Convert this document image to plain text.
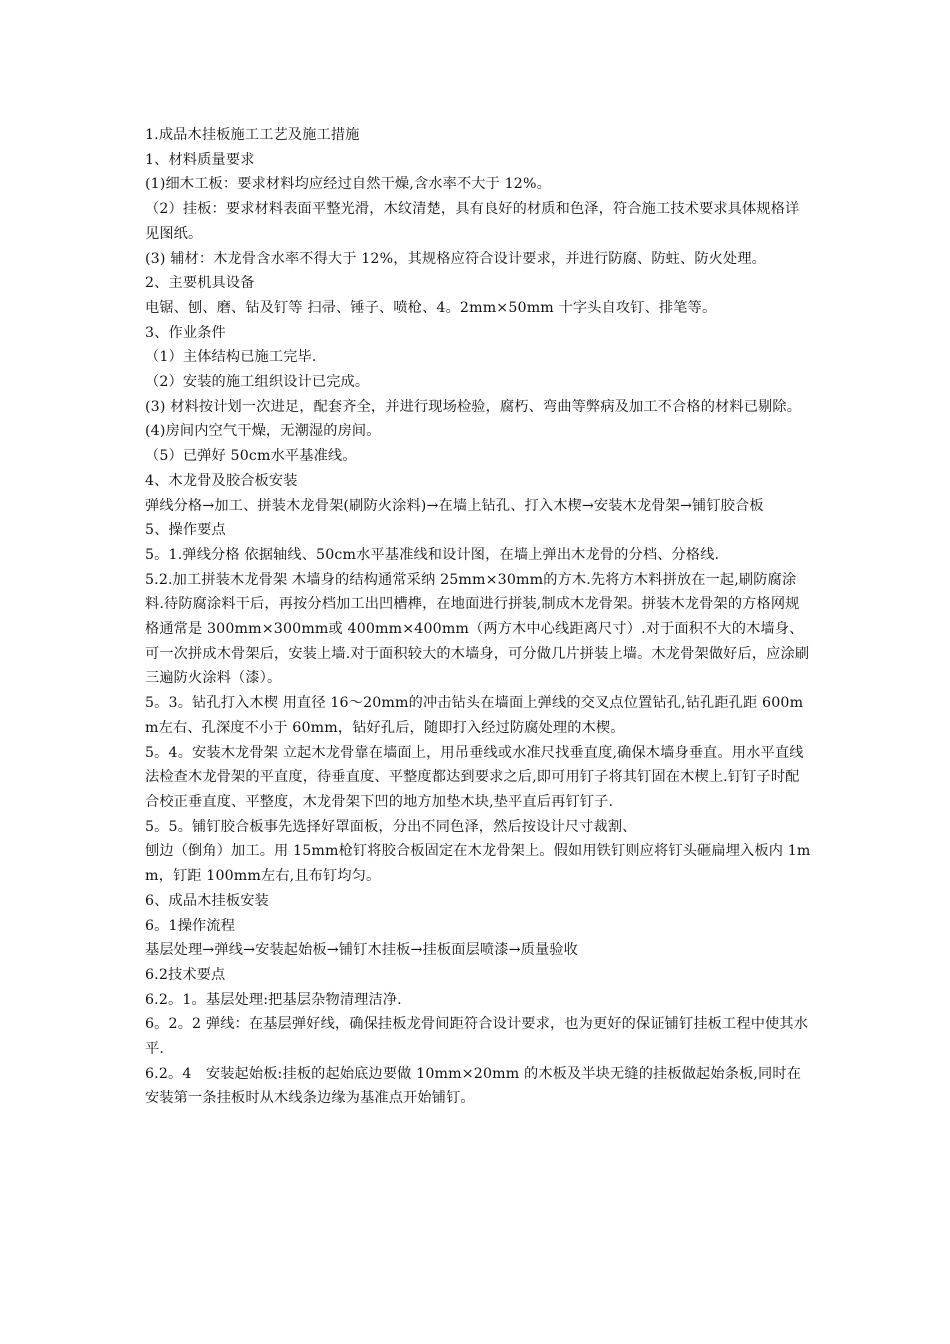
1.成品木挂板施工工艺及施工措施

1、材料质量要求

(1)细木工板：要求材料均应经过自然干燥,含水率不大于 12%。

（2）挂板：要求材料表面平整光滑，木纹清楚，具有良好的材质和色泽，符合施工技术要求具体规格详见图纸。

(3) 辅材：木龙骨含水率不得大于 12%，其规格应符合设计要求，并进行防腐、防蛀、防火处理。

2、主要机具设备

电锯、刨、磨、钻及钉等 扫帚、锤子、喷枪、4。2mm×50mm 十字头自攻钉、排笔等。

3、作业条件

（1）主体结构已施工完毕.

（2）安装的施工组织设计已完成。

(3) 材料按计划一次进足，配套齐全，并进行现场检验，腐朽、弯曲等弊病及加工不合格的材料已剔除。

(4)房间内空气干燥，无潮湿的房间。

（5）已弹好 50cm水平基准线。

4、木龙骨及胶合板安装

弹线分格→加工、拼装木龙骨架(刷防火涂料)→在墙上钻孔、打入木楔→安装木龙骨架→铺钉胶合板

5、操作要点

5。1.弹线分格 依据轴线、50cm水平基准线和设计图，在墙上弹出木龙骨的分档、分格线.

5.2.加工拼装木龙骨架 木墙身的结构通常采纳 25mm×30mm的方木.先将方木料拼放在一起,刷防腐涂料.待防腐涂料干后，再按分档加工出凹槽榫，在地面进行拼装,制成木龙骨架。拼装木龙骨架的方格网规格通常是 300mm×300mm或 400mm×400mm（两方木中心线距离尺寸）.对于面积不大的木墙身、可一次拼成木骨架后，安装上墙.对于面积较大的木墙身，可分做几片拼装上墙。木龙骨架做好后，应涂刷三遍防火涂料（漆）。

5。3。钻孔打入木楔 用直径 16～20mm的冲击钻头在墙面上弹线的交叉点位置钻孔,钻孔距孔距 600mm左右、孔深度不小于 60mm，钻好孔后，随即打入经过防腐处理的木楔。

5。4。安装木龙骨架 立起木龙骨靠在墙面上，用吊垂线或水准尺找垂直度,确保木墙身垂直。用水平直线法检查木龙骨架的平直度，待垂直度、平整度都达到要求之后,即可用钉子将其钉固在木楔上.钉钉子时配合校正垂直度、平整度，木龙骨架下凹的地方加垫木块,垫平直后再钉钉子.

5。5。铺钉胶合板事先选择好罩面板，分出不同色泽，然后按设计尺寸裁割、

刨边（倒角）加工。用 15mm枪钉将胶合板固定在木龙骨架上。假如用铁钉则应将钉头砸扁埋入板内 1mm，钉距 100mm左右,且布钉均匀。

6、成品木挂板安装

6。1操作流程

基层处理→弹线→安装起始板→铺钉木挂板→挂板面层喷漆→质量验收

6.2技术要点

6.2。1。基层处理:把基层杂物清理洁净.

6。2。2 弹线：在基层弹好线，确保挂板龙骨间距符合设计要求，也为更好的保证铺钉挂板工程中使其水平.

6.2。4　安装起始板:挂板的起始底边要做 10mm×20mm 的木板及半块无缝的挂板做起始条板,同时在安装第一条挂板时从木线条边缘为基准点开始铺钉。
